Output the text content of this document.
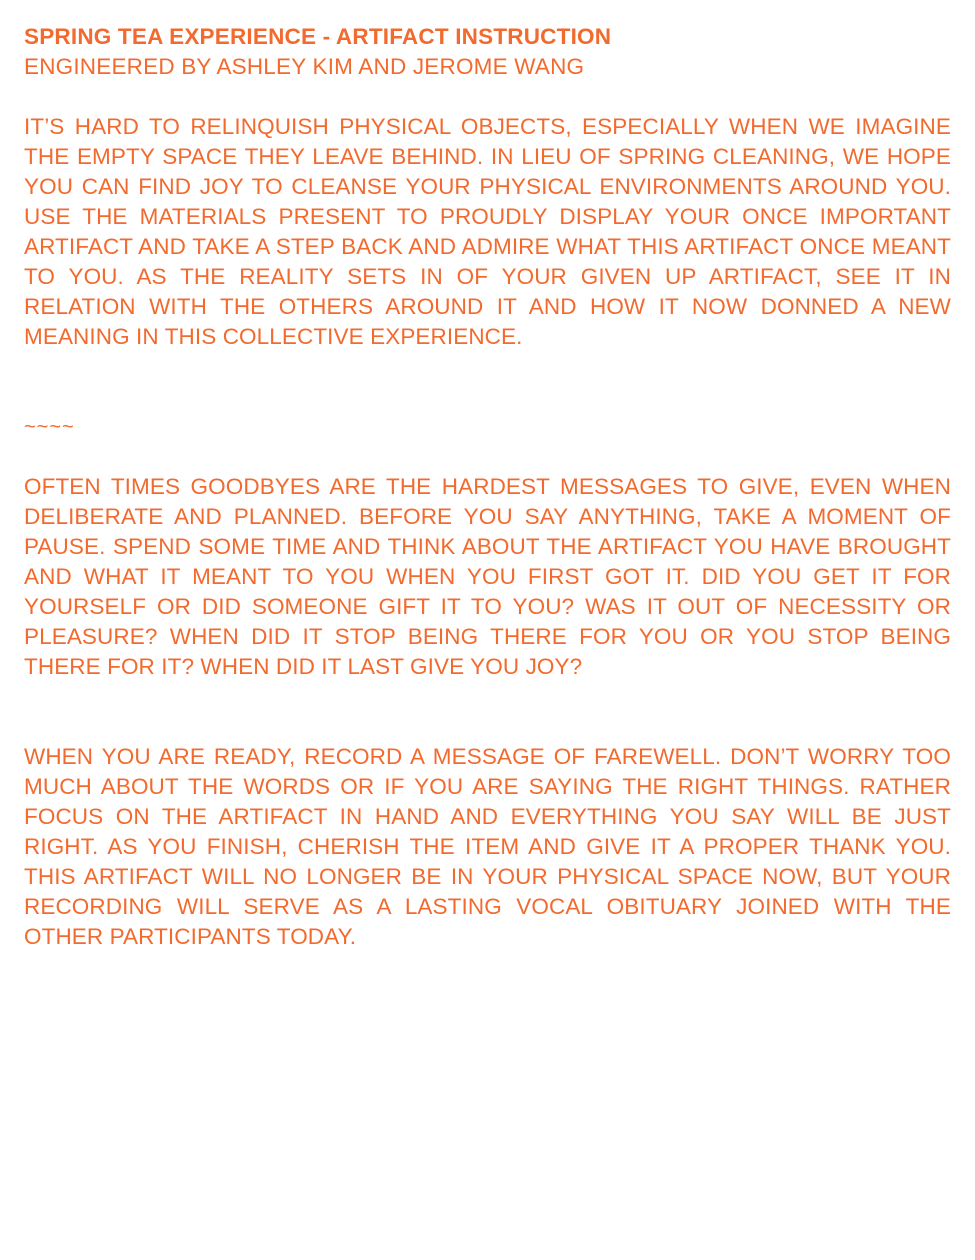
SPRING TEA EXPERIENCE - ARTIFACT INSTRUCTION

ENGINEERED BY ASHLEY KIM AND JEROME WANG

IT’S HARD TO RELINQUISH PHYSICAL OBJECTS, ESPECIALLY WHEN WE IMAGINE THE EMPTY SPACE THEY LEAVE BEHIND. IN LIEU OF SPRING CLEANING, WE HOPE YOU CAN FIND JOY TO CLEANSE YOUR PHYSICAL ENVIRONMENTS AROUND YOU. USE THE MATERIALS PRESENT TO PROUDLY DISPLAY YOUR ONCE IMPORTANT ARTIFACT AND TAKE A STEP BACK AND ADMIRE WHAT THIS ARTIFACT ONCE MEANT TO YOU. AS THE REALITY SETS IN OF YOUR GIVEN UP ARTIFACT, SEE IT IN RELATION WITH THE OTHERS AROUND IT AND HOW IT NOW DONNED A NEW MEANING IN THIS COLLECTIVE EXPERIENCE.

~~~~

OFTEN TIMES GOODBYES ARE THE HARDEST MESSAGES TO GIVE, EVEN WHEN DELIBERATE AND PLANNED. BEFORE YOU SAY ANYTHING, TAKE A MOMENT OF PAUSE. SPEND SOME TIME AND THINK ABOUT THE ARTIFACT YOU HAVE BROUGHT AND WHAT IT MEANT TO YOU WHEN YOU FIRST GOT IT. DID YOU GET IT FOR YOURSELF OR DID SOMEONE GIFT IT TO YOU? WAS IT OUT OF NECESSITY OR PLEASURE? WHEN DID IT STOP BEING THERE FOR YOU OR YOU STOP BEING THERE FOR IT? WHEN DID IT LAST GIVE YOU JOY?

WHEN YOU ARE READY, RECORD A MESSAGE OF FAREWELL. DON’T WORRY TOO MUCH ABOUT THE WORDS OR IF YOU ARE SAYING THE RIGHT THINGS. RATHER FOCUS ON THE ARTIFACT IN HAND AND EVERYTHING YOU SAY WILL BE JUST RIGHT. AS YOU FINISH, CHERISH THE ITEM AND GIVE IT A PROPER THANK YOU. THIS ARTIFACT WILL NO LONGER BE IN YOUR PHYSICAL SPACE NOW, BUT YOUR RECORDING WILL SERVE AS A LASTING VOCAL OBITUARY JOINED WITH THE OTHER PARTICIPANTS TODAY.
